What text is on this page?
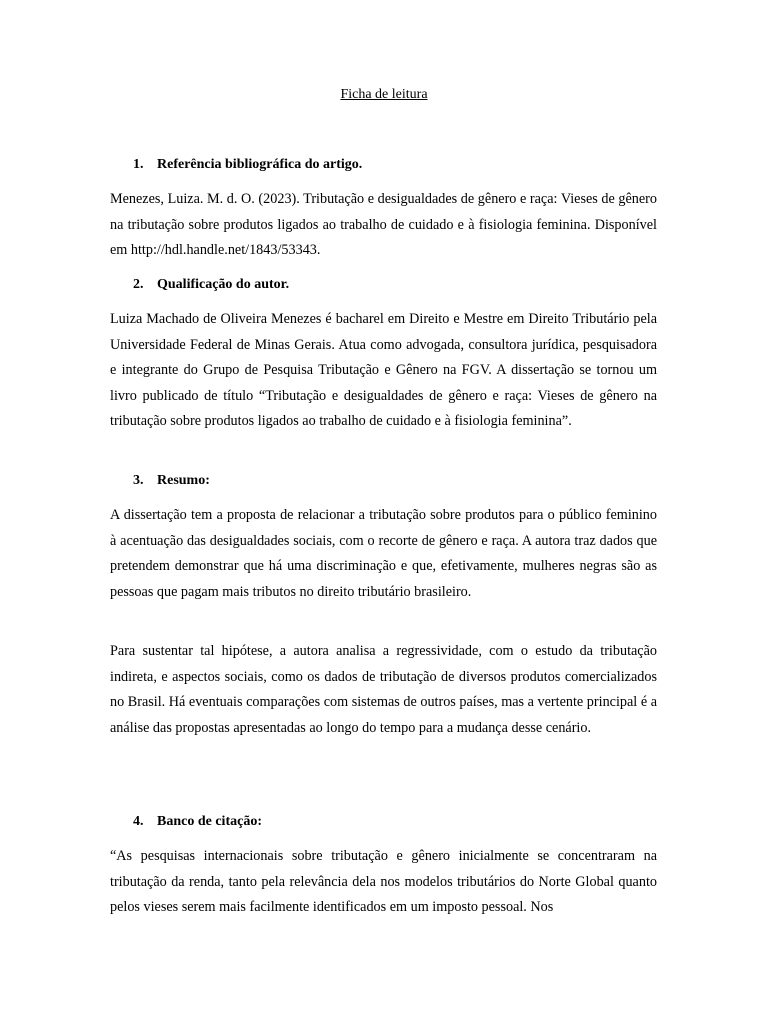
Ficha de leitura
1. Referência bibliográfica do artigo.
Menezes, Luiza. M. d. O. (2023). Tributação e desigualdades de gênero e raça: Vieses de gênero na tributação sobre produtos ligados ao trabalho de cuidado e à fisiologia feminina. Disponível em http://hdl.handle.net/1843/53343.
2. Qualificação do autor.
Luiza Machado de Oliveira Menezes é bacharel em Direito e Mestre em Direito Tributário pela Universidade Federal de Minas Gerais. Atua como advogada, consultora jurídica, pesquisadora e integrante do Grupo de Pesquisa Tributação e Gênero na FGV. A dissertação se tornou um livro publicado de título “Tributação e desigualdades de gênero e raça: Vieses de gênero na tributação sobre produtos ligados ao trabalho de cuidado e à fisiologia feminina”.
3. Resumo:
A dissertação tem a proposta de relacionar a tributação sobre produtos para o público feminino à acentuação das desigualdades sociais, com o recorte de gênero e raça. A autora traz dados que pretendem demonstrar que há uma discriminação e que, efetivamente, mulheres negras são as pessoas que pagam mais tributos no direito tributário brasileiro.
Para sustentar tal hipótese, a autora analisa a regressividade, com o estudo da tributação indireta, e aspectos sociais, como os dados de tributação de diversos produtos comercializados no Brasil. Há eventuais comparações com sistemas de outros países, mas a vertente principal é a análise das propostas apresentadas ao longo do tempo para a mudança desse cenário.
4. Banco de citação:
“As pesquisas internacionais sobre tributação e gênero inicialmente se concentraram na tributação da renda, tanto pela relevância dela nos modelos tributários do Norte Global quanto pelos vieses serem mais facilmente identificados em um imposto pessoal. Nos
